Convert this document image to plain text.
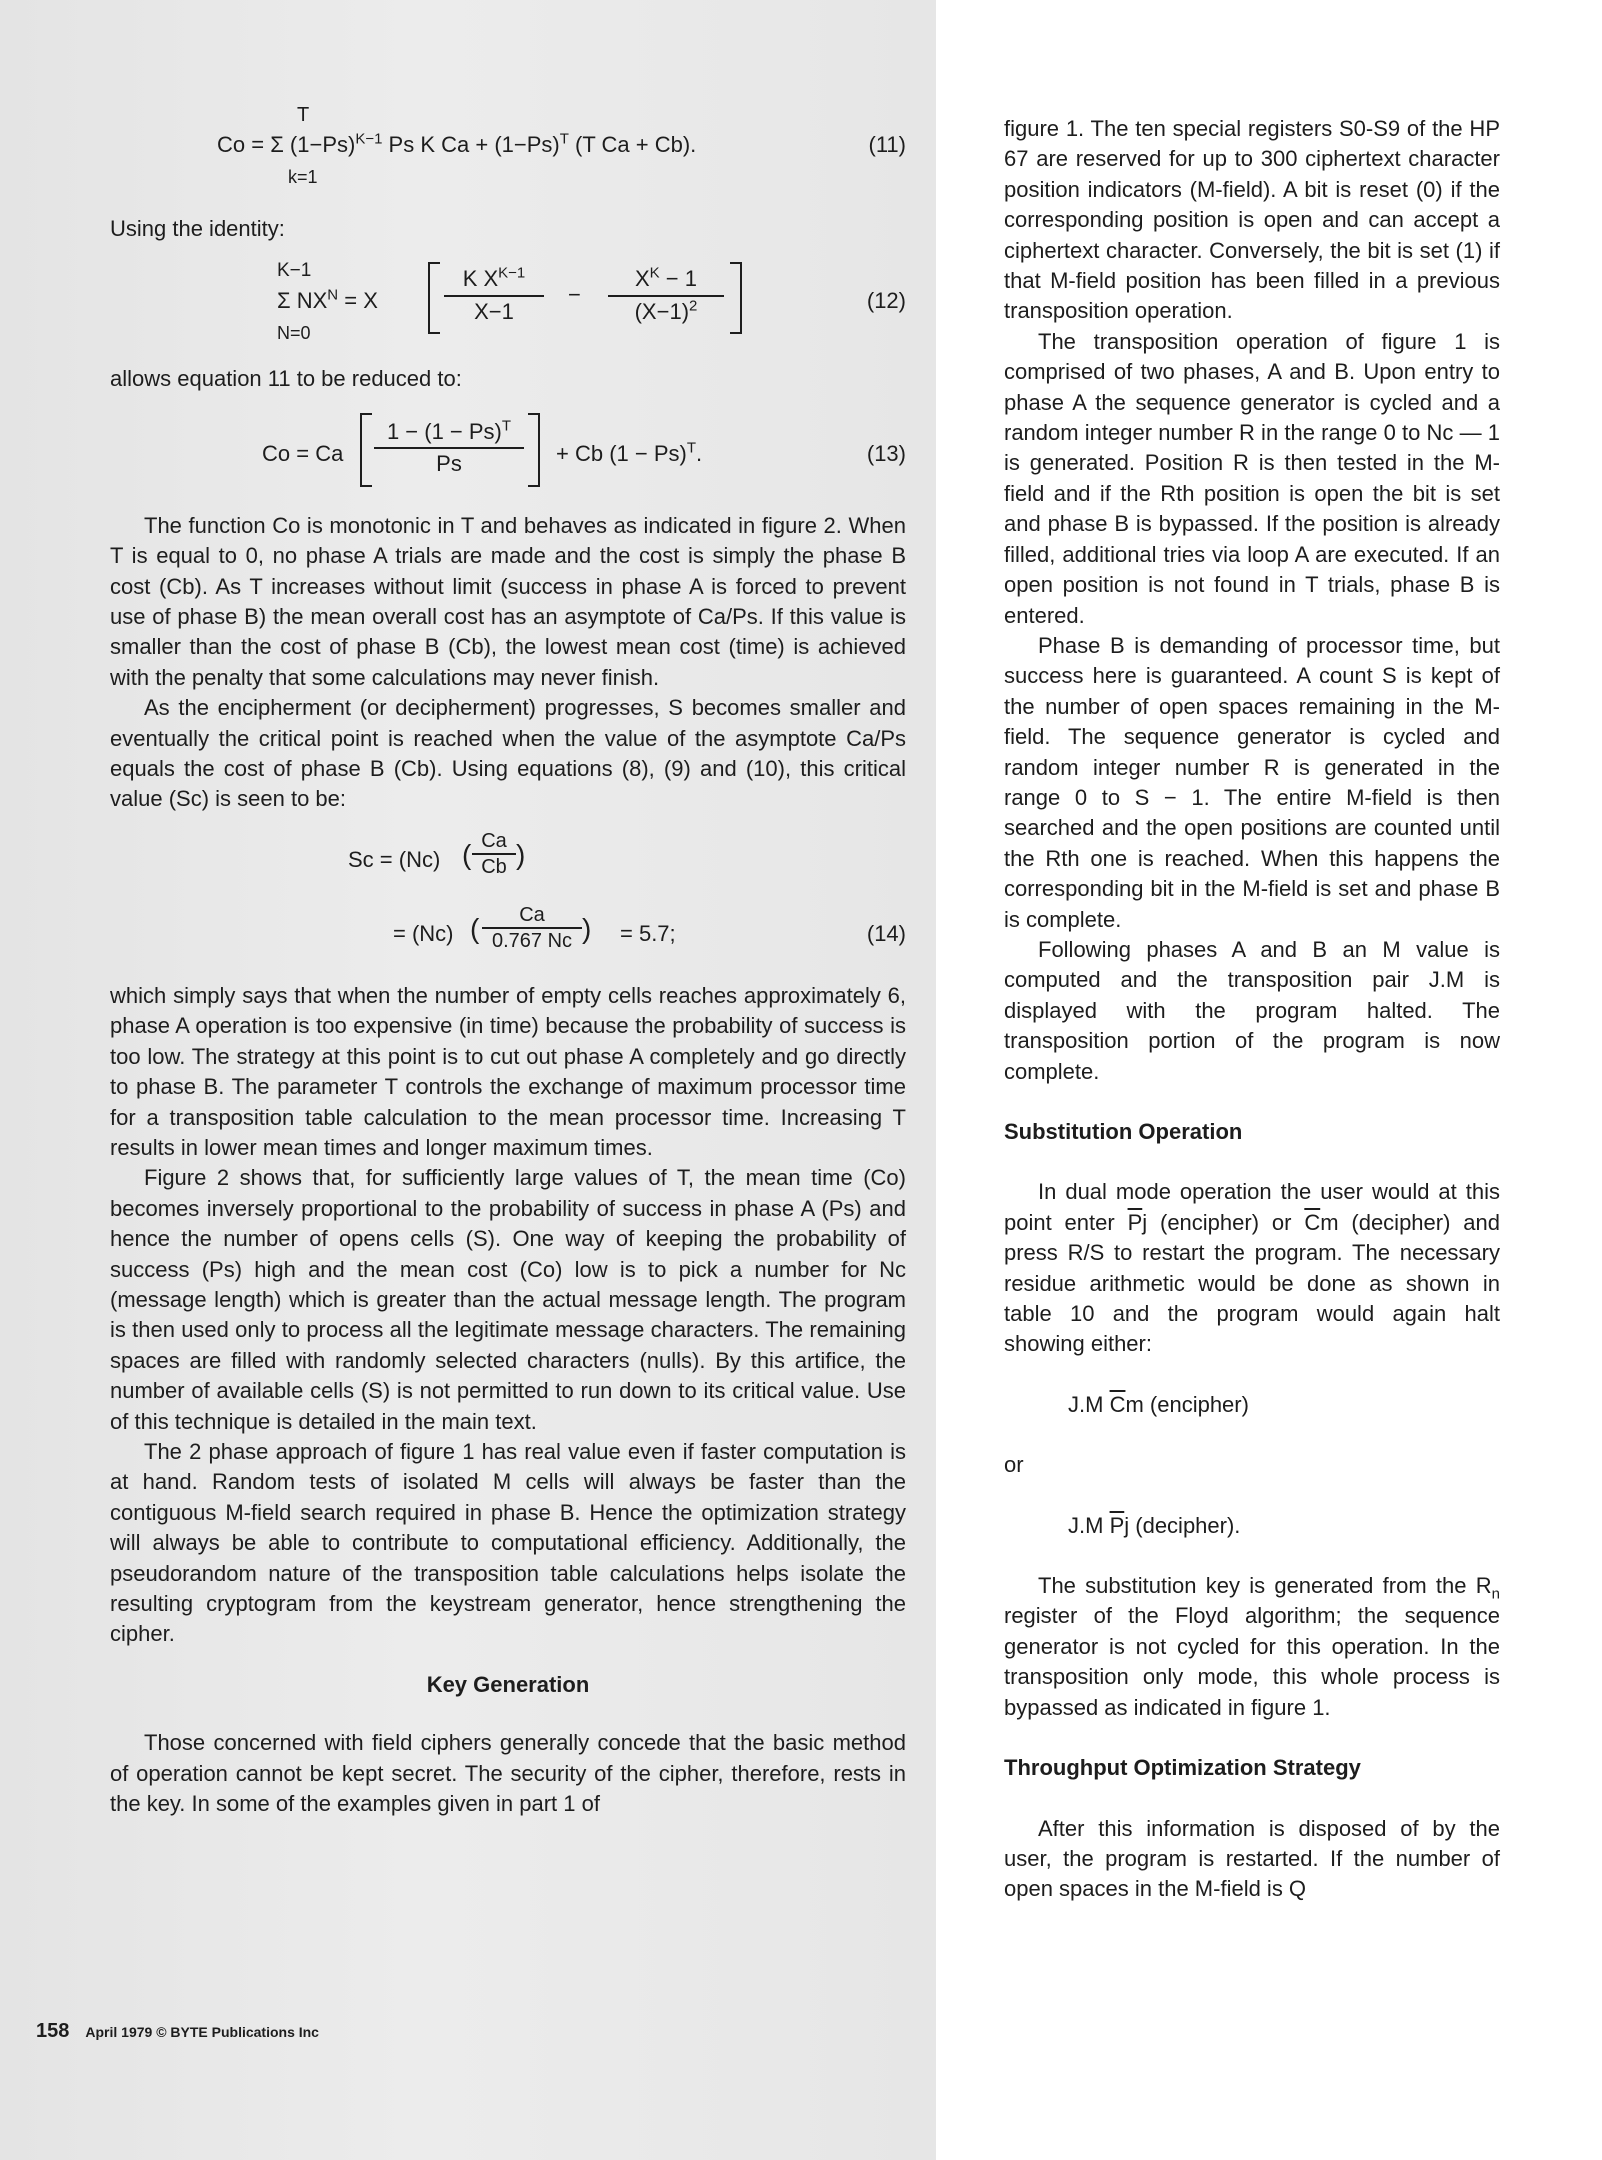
T
Co = Σ $(1-Ps)^{K-1}$ Ps K $Ca + (1-Ps)^T$ (T Ca + Cb).
k=1
(11)

Using the identity:

K−1
Σ $NX^N = X$
N=0
K $X^{K-1}$
X−1
−
$X^K - 1$
$(X-1)^2$	(12)

allows equation 11 to be reduced to:

Co = Ca
$1 - (1 - Ps)^T$
Ps	+ Cb $(1 - Ps)^T$.	(13)

The function Co is monotonic in T and behaves as indicated in figure 2. When T is equal to 0, no phase A trials are made and the cost is simply the phase B cost (Cb). As T increases without limit (success in phase A is forced to prevent use of phase B) the mean overall cost has an asymptote of Ca/Ps. If this value is smaller than the cost of phase B (Cb), the lowest mean cost (time) is achieved with the penalty that some calculations may never finish.

As the encipherment (or decipherment) progresses, S becomes smaller and eventually the critical point is reached when the value of the asymptote Ca/Ps equals the cost of phase B (Cb). Using equations (8), (9) and (10), this critical value (Sc) is seen to be:

Sc = (Nc) ( Ca
Cb )
= (Nc) (	Ca
0.767 Nc ) = 5.7;	(14)

which simply says that when the number of empty cells reaches approximately 6, phase A operation is too expensive (in time) because the probability of success is too low. The strategy at this point is to cut out phase A completely and go directly to phase B. The parameter T controls the exchange of maximum processor time for a transposition table calculation to the mean processor time. Increasing T results in lower mean times and longer maximum times.

Figure 2 shows that, for sufficiently large values of T, the mean time (Co) becomes inversely proportional to the probability of success in phase A (Ps) and hence the number of opens cells (S). One way of keeping the probability of success (Ps) high and the mean cost (Co) low is to pick a number for Nc (message length) which is greater than the actual message length. The program is then used only to process all the legitimate message characters. The remaining spaces are filled with randomly selected characters (nulls). By this artifice, the number of available cells (S) is not permitted to run down to its critical value. Use of this technique is detailed in the main text.

The 2 phase approach of figure 1 has real value even if faster computation is at hand. Random tests of isolated M cells will always be faster than the contiguous M-field search required in phase B. Hence the optimization strategy will always be able to contribute to computational efficiency. Additionally, the pseudorandom nature of the transposition table calculations helps isolate the resulting cryptogram from the keystream generator, hence strengthening the cipher.

Key Generation

Those concerned with field ciphers generally concede that the basic method of operation cannot be kept secret. The security of the cipher, therefore, rests in the key. In some of the examples given in part 1 of

figure 1. The ten special registers S0-S9 of the HP 67 are reserved for up to 300 ciphertext character position indicators (M-field). A bit is reset (0) if the corresponding position is open and can accept a ciphertext character. Conversely, the bit is set (1) if that M-field position has been filled in a previous transposition operation.

The transposition operation of figure 1 is comprised of two phases, A and B. Upon entry to phase A the sequence generator is cycled and a random integer number R in the range 0 to Nc — 1 is generated. Position R is then tested in the M-field and if the Rth position is open the bit is set and phase B is bypassed. If the position is already filled, additional tries via loop A are executed. If an open position is not found in T trials, phase B is entered.

Phase B is demanding of processor time, but success here is guaranteed. A count S is kept of the number of open spaces remaining in the M-field. The sequence generator is cycled and random integer number R is generated in the range 0 to S − 1. The entire M-field is then searched and the open positions are counted until the Rth one is reached. When this happens the corresponding bit in the M-field is set and phase B is complete.

Following phases A and B an M value is computed and the transposition pair J.M is displayed with the program halted. The transposition portion of the program is now complete.

Substitution Operation

In dual mode operation the user would at this point enter $\overline{P}j$ (encipher) or $\overline{C}m$ (decipher) and press R/S to restart the program. The necessary residue arithmetic would be done as shown in table 10 and the program would again halt showing either:

J.M $\overline{C}m$ (encipher)

or

J.M $\overline{P}j$ (decipher).

The substitution key is generated from the $R_n$ register of the Floyd algorithm; the sequence generator is not cycled for this operation. In the transposition only mode, this whole process is bypassed as indicated in figure 1.

Throughput Optimization Strategy

After this information is disposed of by the user, the program is restarted. If the number of open spaces in the M-field is Q

158 April 1979 © BYTE Publications Inc
